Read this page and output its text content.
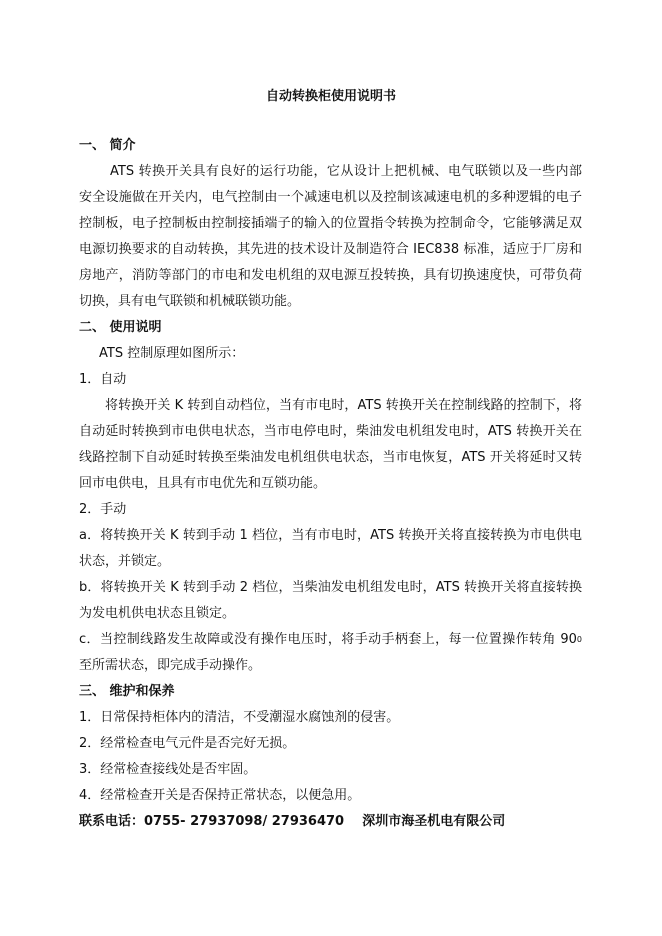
自动转换柜使用说明书
一、 简介
ATS 转换开关具有良好的运行功能，它从设计上把机械、电气联锁以及一些内部
安全设施做在开关内，电气控制由一个减速电机以及控制该减速电机的多种逻辑的电子
控制板，电子控制板由控制接插端子的输入的位置指令转换为控制命令，它能够满足双
电源切换要求的自动转换，其先进的技术设计及制造符合 IEC838 标准，适应于厂房和
房地产，消防等部门的市电和发电机组的双电源互投转换，具有切换速度快，可带负荷
切换，具有电气联锁和机械联锁功能。
二、 使用说明
ATS 控制原理如图所示：
1．自动
将转换开关 K 转到自动档位，当有市电时，ATS 转换开关在控制线路的控制下，将
自动延时转换到市电供电状态，当市电停电时，柴油发电机组发电时，ATS 转换开关在
线路控制下自动延时转换至柴油发电机组供电状态，当市电恢复，ATS 开关将延时又转
回市电供电，且具有市电优先和互锁功能。
2．手动
a．将转换开关 K 转到手动 1 档位，当有市电时，ATS 转换开关将直接转换为市电供电
状态，并锁定。
b．将转换开关 K 转到手动 2 档位，当柴油发电机组发电时，ATS 转换开关将直接转换
为发电机供电状态且锁定。
c．当控制线路发生故障或没有操作电压时，将手动手柄套上，每一位置操作转角 90 0
至所需状态，即完成手动操作。
三、 维护和保养
1．日常保持柜体内的清洁，不受潮湿水腐蚀剂的侵害。
2．经常检查电气元件是否完好无损。
3．经常检查接线处是否牢固。
4．经常检查开关是否保持正常状态，以便急用。
联系电话：0755- 27937098/ 27936470    深圳市海圣机电有限公司
